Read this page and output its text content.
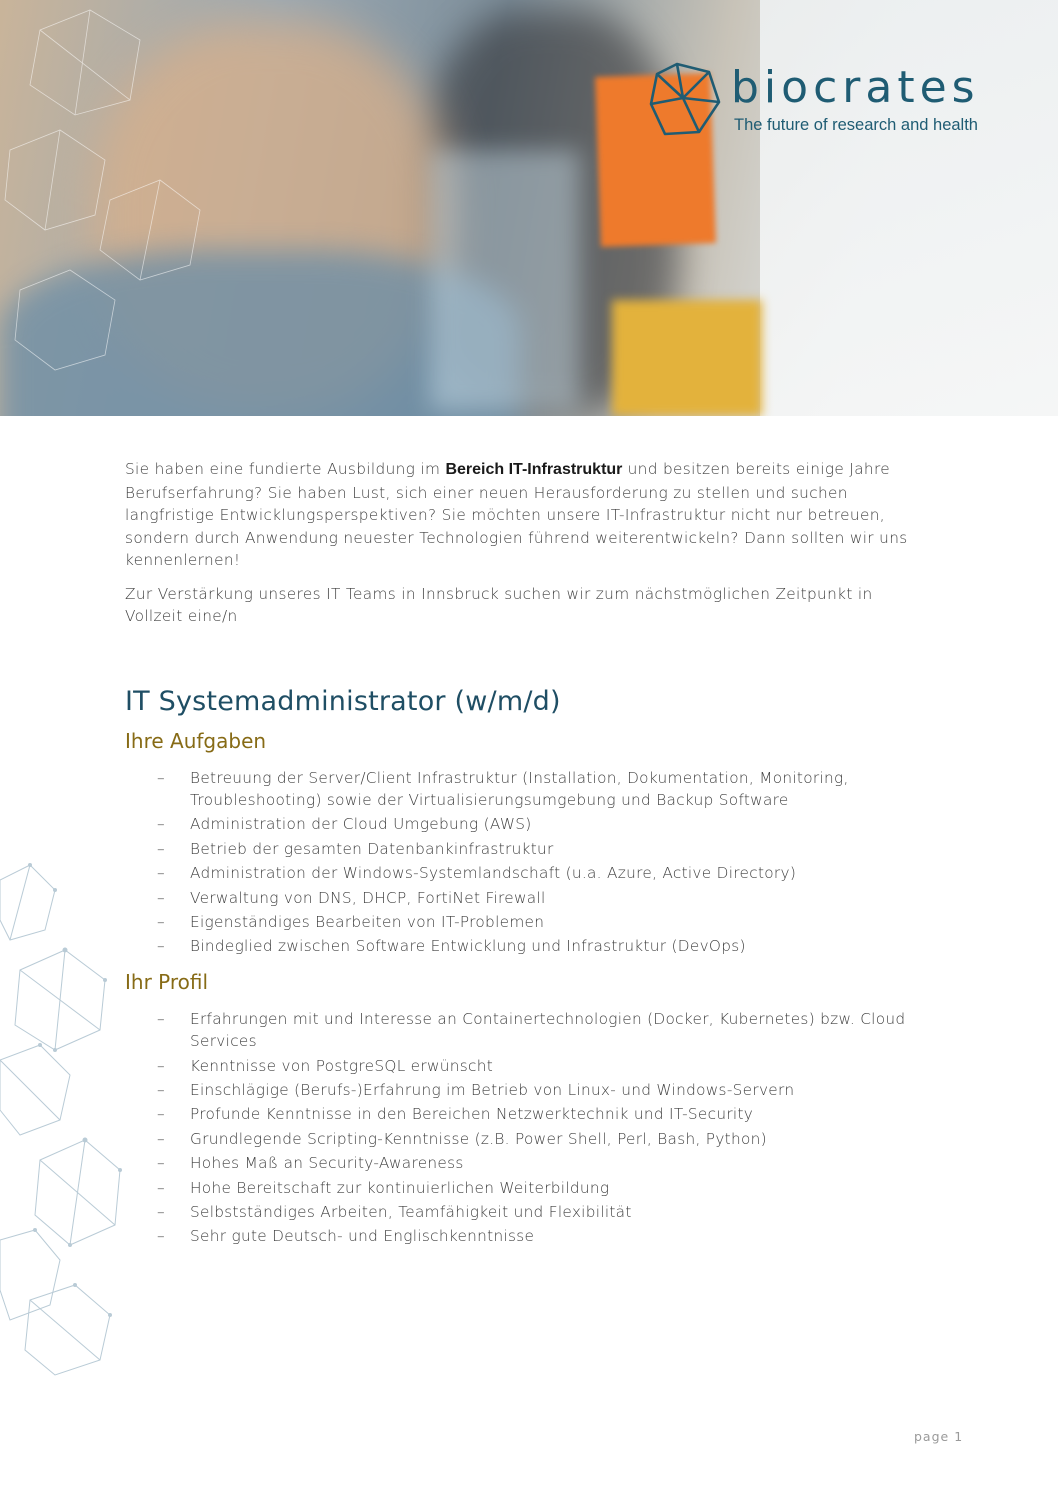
biocrates
The future of research and health

Sie haben eine fundierte Ausbildung im Bereich IT-Infrastruktur und besitzen bereits einige Jahre Berufserfahrung? Sie haben Lust, sich einer neuen Herausforderung zu stellen und suchen langfristige Entwicklungsperspektiven? Sie möchten unsere IT-Infrastruktur nicht nur betreuen, sondern durch Anwendung neuester Technologien führend weiterentwickeln? Dann sollten wir uns kennenlernen!

Zur Verstärkung unseres IT Teams in Innsbruck suchen wir zum nächstmöglichen Zeitpunkt in Vollzeit eine/n

IT Systemadministrator (w/m/d)
Ihre Aufgaben
– Betreuung der Server/Client Infrastruktur (Installation, Dokumentation, Monitoring, Troubleshooting) sowie der Virtualisierungsumgebung und Backup Software
– Administration der Cloud Umgebung (AWS)
– Betrieb der gesamten Datenbankinfrastruktur
– Administration der Windows-Systemlandschaft (u.a. Azure, Active Directory)
– Verwaltung von DNS, DHCP, FortiNet Firewall
– Eigenständiges Bearbeiten von IT-Problemen
– Bindeglied zwischen Software Entwicklung und Infrastruktur (DevOps)
Ihr Profil
– Erfahrungen mit und Interesse an Containertechnologien (Docker, Kubernetes) bzw. Cloud Services
– Kenntnisse von PostgreSQL erwünscht
– Einschlägige (Berufs-)Erfahrung im Betrieb von Linux- und Windows-Servern
– Profunde Kenntnisse in den Bereichen Netzwerktechnik und IT-Security
– Grundlegende Scripting-Kenntnisse (z.B. Power Shell, Perl, Bash, Python)
– Hohes Maß an Security-Awareness
– Hohe Bereitschaft zur kontinuierlichen Weiterbildung
– Selbstständiges Arbeiten, Teamfähigkeit und Flexibilität
– Sehr gute Deutsch- und Englischkenntnisse
page 1
